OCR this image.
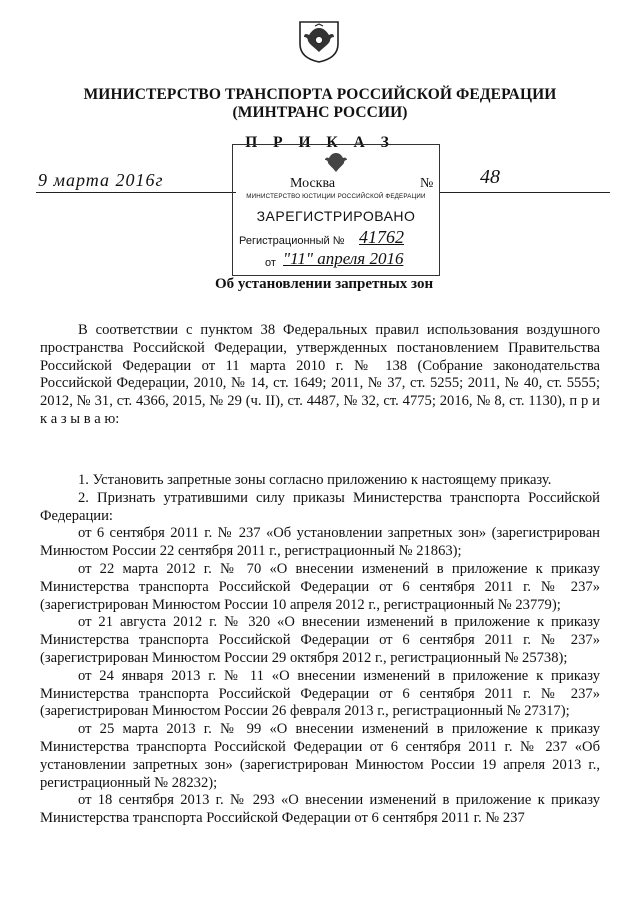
МИНИСТЕРСТВО ТРАНСПОРТА РОССИЙСКОЙ ФЕДЕРАЦИИ
(МИНТРАНС РОССИИ)
П Р И К А З
9 марта 2016г	Москва	№ 48
МИНИСТЕРСТВО ЮСТИЦИИ РОССИЙСКОЙ ФЕДЕРАЦИИ
ЗАРЕГИСТРИРОВАНО
Регистрационный № 41762
от "11" апреля 2016
Об установлении запретных зон
В соответствии с пунктом 38 Федеральных правил использования воздушного пространства Российской Федерации, утвержденных постановлением Правительства Российской Федерации от 11 марта 2010 г. № 138 (Собрание законодательства Российской Федерации, 2010, № 14, ст. 1649; 2011, № 37, ст. 5255; 2011, № 40, ст. 5555; 2012, № 31, ст. 4366, 2015, № 29 (ч. II), ст. 4487, № 32, ст. 4775; 2016, № 8, ст. 1130), п р и к а з ы в а ю:

1. Установить запретные зоны согласно приложению к настоящему приказу.

2. Признать утратившими силу приказы Министерства транспорта Российской Федерации:

от 6 сентября 2011 г. № 237 «Об установлении запретных зон» (зарегистрирован Минюстом России 22 сентября 2011 г., регистрационный № 21863);

от 22 марта 2012 г. № 70 «О внесении изменений в приложение к приказу Министерства транспорта Российской Федерации от 6 сентября 2011 г. № 237» (зарегистрирован Минюстом России 10 апреля 2012 г., регистрационный № 23779);

от 21 августа 2012 г. № 320 «О внесении изменений в приложение к приказу Министерства транспорта Российской Федерации от 6 сентября 2011 г. № 237» (зарегистрирован Минюстом России 29 октября 2012 г., регистрационный № 25738);

от 24 января 2013 г. № 11 «О внесении изменений в приложение к приказу Министерства транспорта Российской Федерации от 6 сентября 2011 г. № 237» (зарегистрирован Минюстом России 26 февраля 2013 г., регистрационный № 27317);

от 25 марта 2013 г. № 99 «О внесении изменений в приложение к приказу Министерства транспорта Российской Федерации от 6 сентября 2011 г. № 237 «Об установлении запретных зон» (зарегистрирован Минюстом России 19 апреля 2013 г., регистрационный № 28232);

от 18 сентября 2013 г. № 293 «О внесении изменений в приложение к приказу Министерства транспорта Российской Федерации от 6 сентября 2011 г. № 237
